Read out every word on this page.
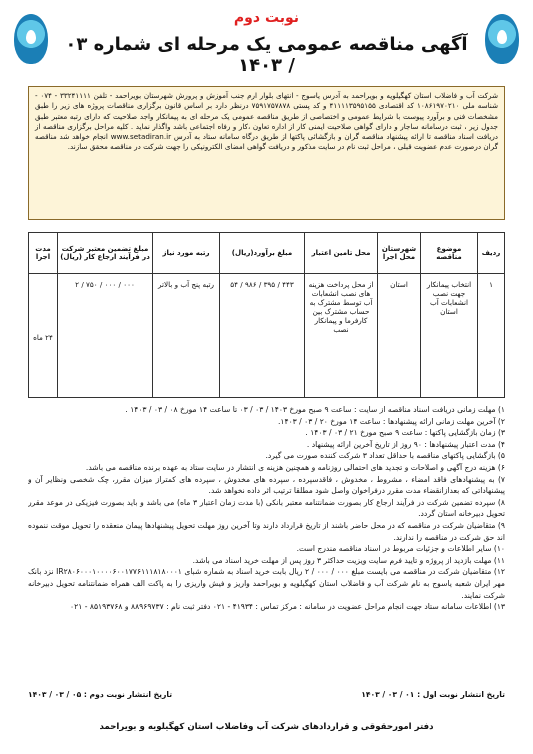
نوبت دوم
آگهی مناقصه عمومی یک مرحله ای شماره ۰۳ / ۱۴۰۳
شرکت آب و فاضلاب استان کهگیلویه و بویراحمد به آدرس یاسوج - انتهای بلوار ارم جنب آموزش و پرورش شهرستان بویراحمد - تلفن ۳۳۲۴۱۱۱۱ - ۰۷۴ - شناسه ملی ۱۰۸۶۱۹۷۰۲۱۰ کد اقتصادی ۴۱۱۱۱۳۵۹۵۱۵۵ و کد پستی ۷۵۹۱۷۵۷۸۷۸ درنظر دارد بر اساس قانون برگزاری مناقصات پروژه های زیر را طبق مشخصات فنی و برآورد پیوست با شرایط عمومی و اختصاصی از طریق مناقصه عمومی یک مرحله ای به پیمانکار واجد صلاحیت که دارای رتبه معتبر طبق جدول زیر ، ثبت درسامانه ساجار و دارای گواهی صلاحیت ایمنی کار از اداره تعاون ،کار و رفاه اجتماعی باشد واگذار نماید . کلیه مراحل برگزاری مناقصه از دریافت اسناد مناقصه تا ارائه پیشنهاد مناقصه گران و بازگشائی پاکتها از طریق درگاه سامانه ستاد به آدرس www.setadiran.ir انجام خواهد شد مناقصه گران درصورت عدم عضویت قبلی ، مراحل ثبت نام در سایت مذکور و دریافت گواهی امضای الکترونیکی را جهت شرکت در مناقصه محقق سازند.
ردیف	موضوع مناقصه	شهرستان محل اجرا	محل تامین اعتبار	مبلغ برآورد(ریال)	رتبه مورد نیاز	مبلغ تضمین معتبر شرکت در فرآیند ارجاع کار (ریال)	مدت اجرا
۱	انتخاب پیمانکار جهت نصب انشعابات آب استان	استان	از محل پرداخت هزینه های نصب انشعابات آب توسط مشترک به حساب مشترک بین کارفرما و پیمانکار نصب	۴۴۳ / ۳۹۵ / ۹۸۶ / ۵۴	رتبه پنج آب و بالاتر	۰۰۰ / ۰۰۰ / ۷۵۰ / ۲	۲۴ ماه

۱) مهلت زمانی دریافت اسناد مناقصه از سایت : ساعت ۹ صبح مورخ ۱۴۰۳ / ۰۳ / ۰۳ تا ساعت ۱۴ مورخ ۰۸ / ۰۳ / ۱۴۰۳ .

۲) آخرین مهلت زمانی ارائه پیشنهادها : ساعت ۱۴ مورخ ۲۰ / ۰۳ / ۱۴۰۳.

۳) زمان بازگشایی پاکتها : ساعت ۹ صبح مورخ ۲۱ / ۰۳ / ۱۴۰۳ .

۴) مدت اعتبار پیشنهادها : ۹۰ روز از تاریخ آخرین ارائه پیشنهاد .

۵) بازگشایی پاکتهای مناقصه با حداقل تعداد ۳ شرکت کننده صورت می گیرد.

۶) هزینه درج آگهی و اصلاحات و تجدید های احتمالی روزنامه و همچنین هزینه ی انتشار در سایت ستاد به عهده برنده مناقصه می باشد.

۷) به پیشنهادهای فاقد امضاء ، مشروط ، مخدوش ، فاقدسپرده ، سپرده های مخدوش ، سپرده های کمتراز میزان مقرر، چک شخصی ونظایر آن و پیشنهاداتی که بعدازانقضاء مدت مقرر درفراخوان واصل شود مطلقا ترتیب اثر داده نخواهد شد.

۸) سپرده تضمین شرکت در فرآیند ارجاع کار بصورت ضمانتنامه معتبر بانکی (با مدت زمان اعتبار ۳ ماه) می باشد و باید بصورت فیزیکی در موعد مقرر تحویل دبیرخانه استان گردد.

۹) متقاضیان شرکت در مناقصه که در محل حاضر باشند از تاریخ قرارداد دارند وتا آخرین روز مهلت تحویل پیشنهادها پیمان منعقده را تحویل موقت ننموده اند حق شرکت در مناقصه را ندارند.

۱۰) سایر اطلاعات و جزئیات مربوط در اسناد مناقصه مندرج است.

۱۱) مهلت بازدید از پروژه و تایید فرم سایت ویزیت حداکثر ۳ روز پس از مهلت خرید اسناد می باشد.

۱۲) متقاضیان شرکت در مناقصه می بایست مبلغ ۰۰۰ / ۰۰۰ / ۲ ریال بابت خرید اسناد به شماره شبای IR۲۸۰۶۰۰۰۱۰۰۰۰۶۰۰۱۷۷۶۱۱۱۸۱۸۰۰۰۱ نزد بانک مهر ایران شعبه یاسوج به نام شرکت آب و فاضلاب استان کهگیلویه و بویراحمد واریز و فیش واریزی را به پاکت الف همراه ضمانتنامه تحویل دبیرخانه شرکت نمایند.

۱۳) اطلاعات سامانه ستاد جهت انجام مراحل عضویت در سامانه : مرکز تماس : ۴۱۹۳۴ - ۰۲۱ دفتر ثبت نام : ۸۸۹۶۹۷۳۷ و ۸۵۱۹۳۷۶۸ - ۰۲۱

تاریخ انتشار نوبت اول : ۰۱ / ۰۳ / ۱۴۰۳
تاریخ انتشار نوبت دوم : ۰۵ / ۰۳ / ۱۴۰۳
دفتر امورحقوقی و قراردادهای شرکت آب وفاضلاب استان کهگیلویه و بویراحمد
